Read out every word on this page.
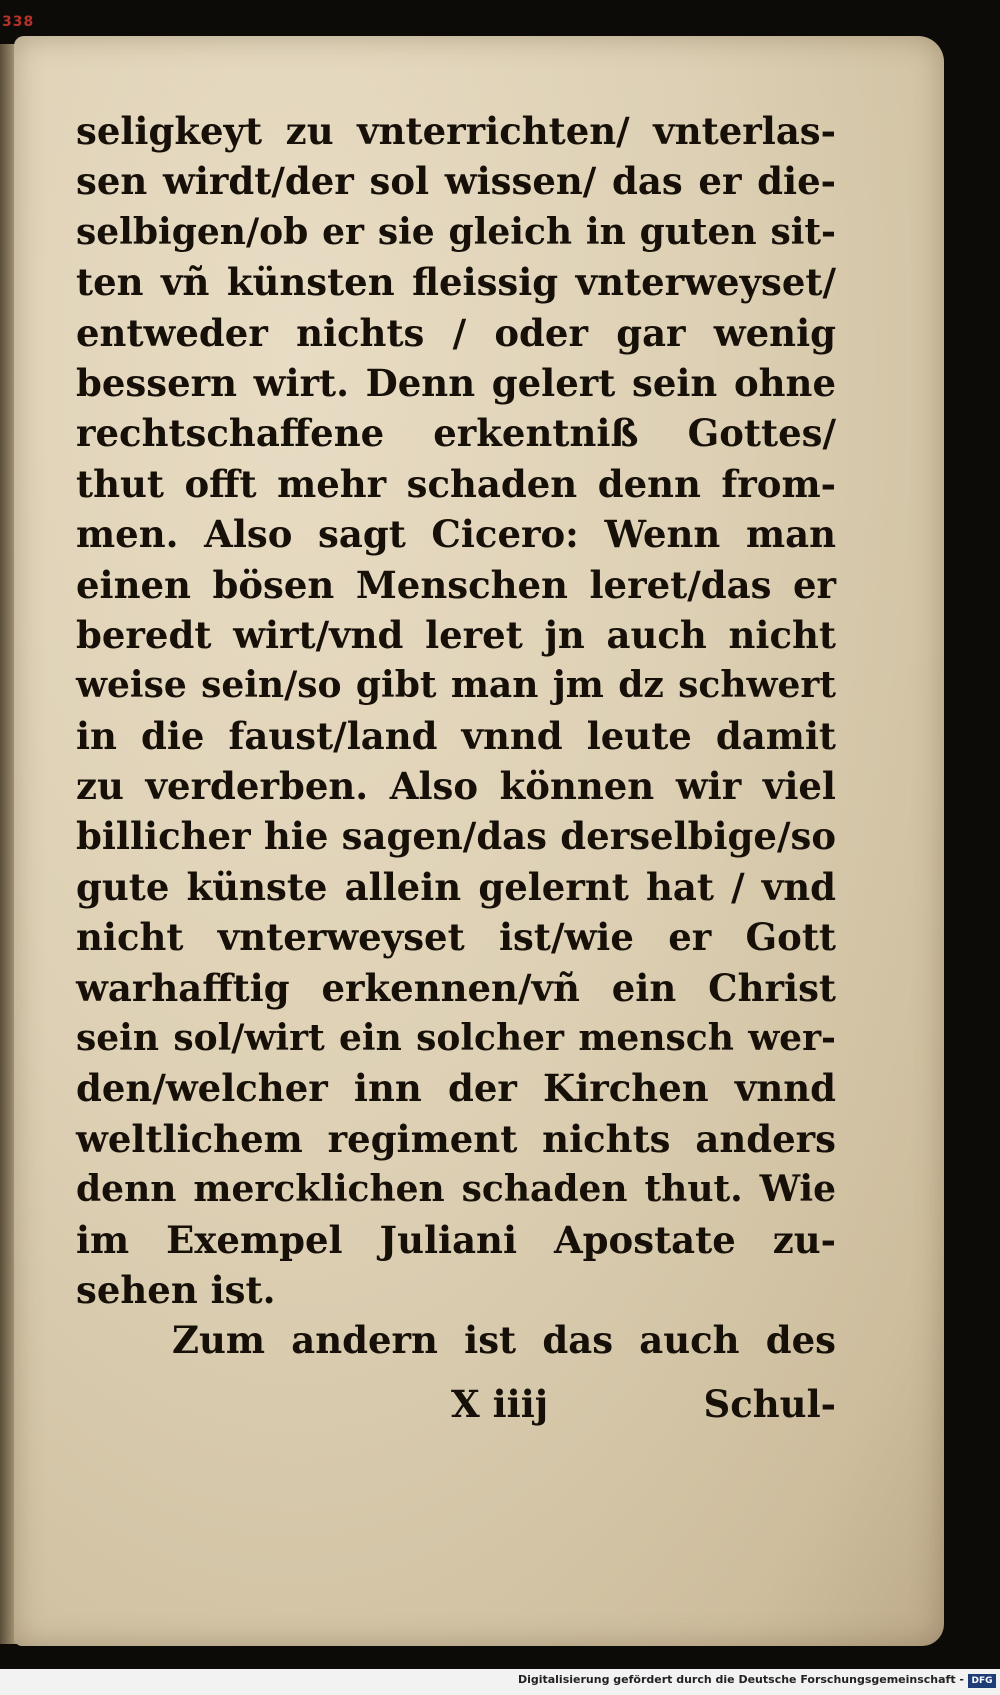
338
seligkeyt zu vnterrichten/ vnterlas-
sen wirdt/der sol wissen/ das er die-
selbigen/ob er sie gleich in guten sit-
ten vñ künsten fleissig vnterweyset/
entweder nichts / oder gar wenig
bessern wirt. Denn gelert sein ohne
rechtschaffene erkentniß Gottes/
thut offt mehr schaden denn from-
men. Also sagt Cicero: Wenn man
einen bösen Menschen leret/das er
beredt wirt/vnd leret jn auch nicht
weise sein/so gibt man jm dz schwert
in die faust/land vnnd leute damit
zu verderben. Also können wir viel
billicher hie sagen/das derselbige/so
gute künste allein gelernt hat / vnd
nicht vnterweyset ist/wie er Gott
warhafftig erkennen/vñ ein Christ
sein sol/wirt ein solcher mensch wer-
den/welcher inn der Kirchen vnnd
weltlichem regiment nichts anders
denn mercklichen schaden thut. Wie
im Exempel Juliani Apostate zu-
sehen ist.
Zum andern ist das auch des
X iiij	Schul-
Digitalisierung gefördert durch die Deutsche Forschungsgemeinschaft - DFG
